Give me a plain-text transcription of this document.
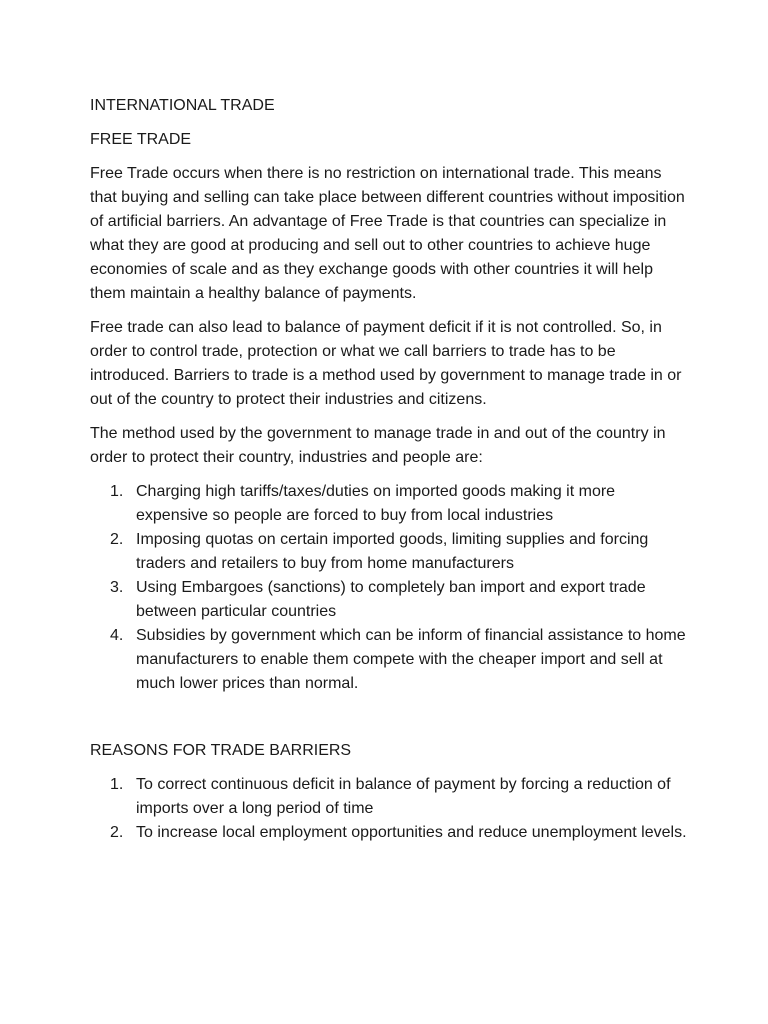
INTERNATIONAL TRADE
FREE TRADE

Free Trade occurs when there is no restriction on international trade. This means that buying and selling can take place between different countries without imposition of artificial barriers. An advantage of Free Trade is that countries can specialize in what they are good at producing and sell out to other countries to achieve huge economies of scale and as they exchange goods with other countries it will help them maintain a healthy balance of payments.

Free trade can also lead to balance of payment deficit if it is not controlled. So, in order to control trade, protection or what we call barriers to trade has to be introduced. Barriers to trade is a method used by government to manage trade in or out of the country to protect their industries and citizens.

The method used by the government to manage trade in and out of the country in order to protect their country, industries and people are:

1. Charging high tariffs/taxes/duties on imported goods making it more expensive so people are forced to buy from local industries
2. Imposing quotas on certain imported goods, limiting supplies and forcing traders and retailers to buy from home manufacturers
3. Using Embargoes (sanctions) to completely ban import and export trade between particular countries
4. Subsidies by government which can be inform of financial assistance to home manufacturers to enable them compete with the cheaper import and sell at much lower prices than normal.
REASONS FOR TRADE BARRIERS
1. To correct continuous deficit in balance of payment by forcing a reduction of imports over a long period of time
2. To increase local employment opportunities and reduce unemployment levels.
